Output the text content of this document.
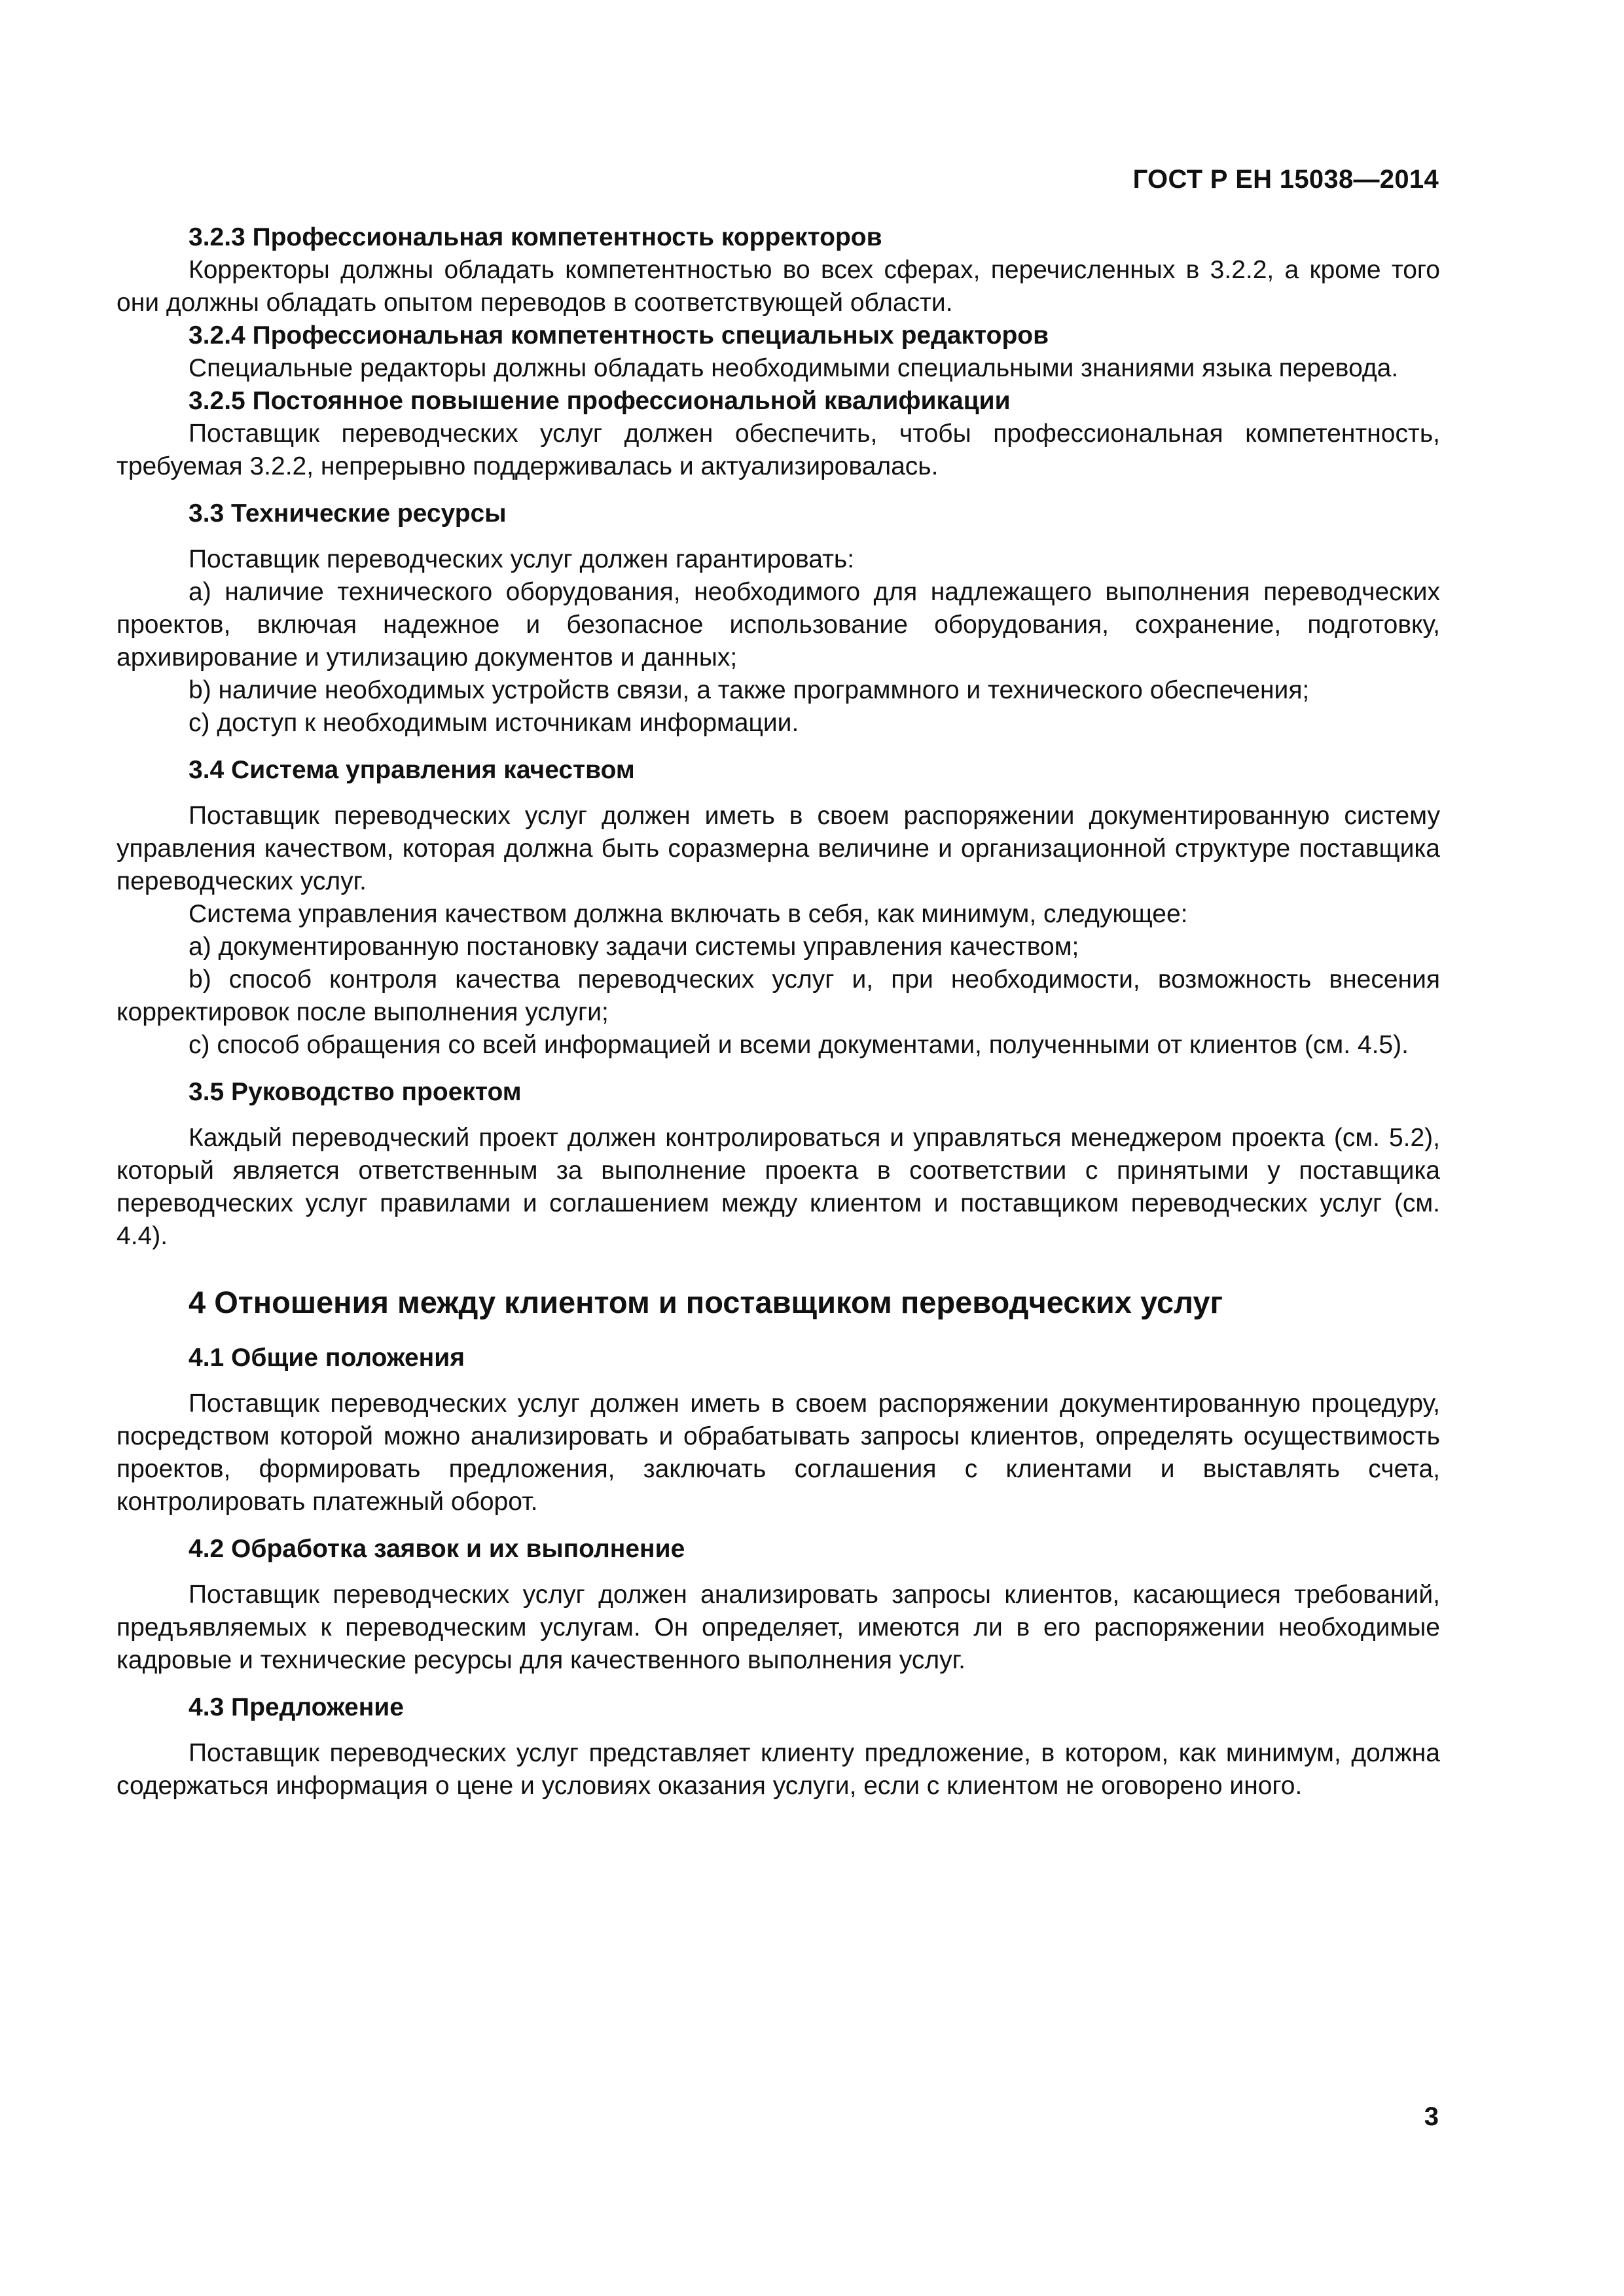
ГОСТ Р ЕН 15038—2014
3.2.3 Профессиональная компетентность корректоров

Корректоры должны обладать компетентностью во всех сферах, перечисленных в 3.2.2, а кроме того они должны обладать опытом переводов в соответствующей области.

3.2.4 Профессиональная компетентность специальных редакторов

Специальные редакторы должны обладать необходимыми специальными знаниями языка перевода.

3.2.5 Постоянное повышение профессиональной квалификации

Поставщик переводческих услуг должен обеспечить, чтобы профессиональная компетентность, требуемая 3.2.2, непрерывно поддерживалась и актуализировалась.

3.3 Технические ресурсы

Поставщик переводческих услуг должен гарантировать:

а) наличие технического оборудования, необходимого для надлежащего выполнения переводческих проектов, включая надежное и безопасное использование оборудования, сохранение, подготовку, архивирование и утилизацию документов и данных;

b) наличие необходимых устройств связи, а также программного и технического обеспечения;

c) доступ к необходимым источникам информации.

3.4 Система управления качеством

Поставщик переводческих услуг должен иметь в своем распоряжении документированную систему управления качеством, которая должна быть соразмерна величине и организационной структуре поставщика переводческих услуг.

Система управления качеством должна включать в себя, как минимум, следующее:

а) документированную постановку задачи системы управления качеством;

b) способ контроля качества переводческих услуг и, при необходимости, возможность внесения корректировок после выполнения услуги;

c) способ обращения со всей информацией и всеми документами, полученными от клиентов (см. 4.5).

3.5 Руководство проектом

Каждый переводческий проект должен контролироваться и управляться менеджером проекта (см. 5.2), который является ответственным за выполнение проекта в соответствии с принятыми у поставщика переводческих услуг правилами и соглашением между клиентом и поставщиком переводческих услуг (см. 4.4).

4 Отношения между клиентом и поставщиком переводческих услуг
4.1 Общие положения

Поставщик переводческих услуг должен иметь в своем распоряжении документированную процедуру, посредством которой можно анализировать и обрабатывать запросы клиентов, определять осуществимость проектов, формировать предложения, заключать соглашения с клиентами и выставлять счета, контролировать платежный оборот.

4.2 Обработка заявок и их выполнение

Поставщик переводческих услуг должен анализировать запросы клиентов, касающиеся требований, предъявляемых к переводческим услугам. Он определяет, имеются ли в его распоряжении необходимые кадровые и технические ресурсы для качественного выполнения услуг.

4.3 Предложение

Поставщик переводческих услуг представляет клиенту предложение, в котором, как минимум, должна содержаться информация о цене и условиях оказания услуги, если с клиентом не оговорено иного.

3
